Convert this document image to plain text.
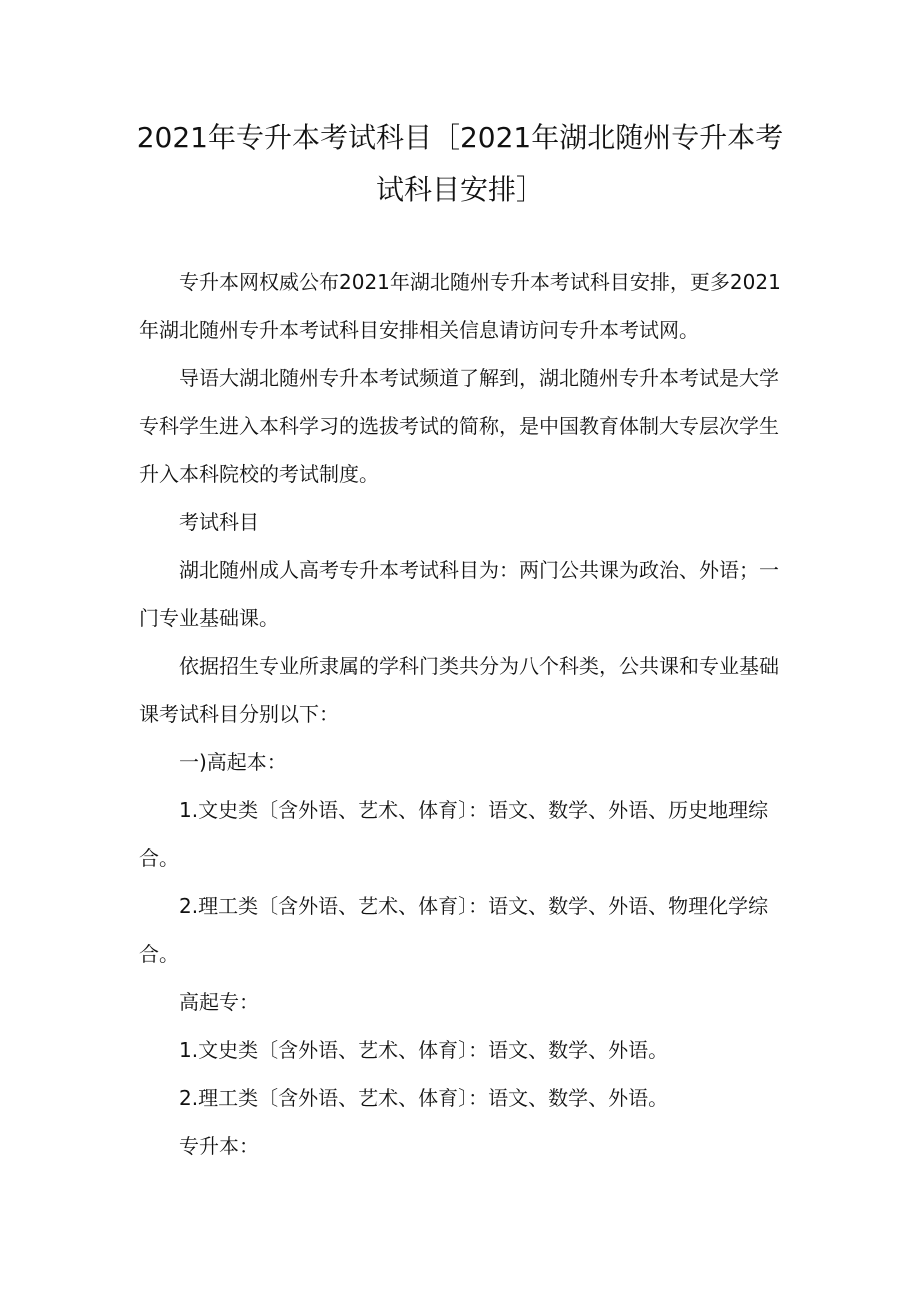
2021年专升本考试科目［2021年湖北随州专升本考
试科目安排］

专升本网权威公布2021年湖北随州专升本考试科目安排，更多2021年湖北随州专升本考试科目安排相关信息请访问专升本考试网。

导语大湖北随州专升本考试频道了解到，湖北随州专升本考试是大学专科学生进入本科学习的选拔考试的简称，是中国教育体制大专层次学生升入本科院校的考试制度。

考试科目

湖北随州成人高考专升本考试科目为：两门公共课为政治、外语；一门专业基础课。

依据招生专业所隶属的学科门类共分为八个科类，公共课和专业基础课考试科目分别以下：

一)高起本：

1.文史类〔含外语、艺术、体育〕：语文、数学、外语、历史地理综合。

2.理工类〔含外语、艺术、体育〕：语文、数学、外语、物理化学综合。

高起专：

1.文史类〔含外语、艺术、体育〕：语文、数学、外语。

2.理工类〔含外语、艺术、体育〕：语文、数学、外语。

专升本：
